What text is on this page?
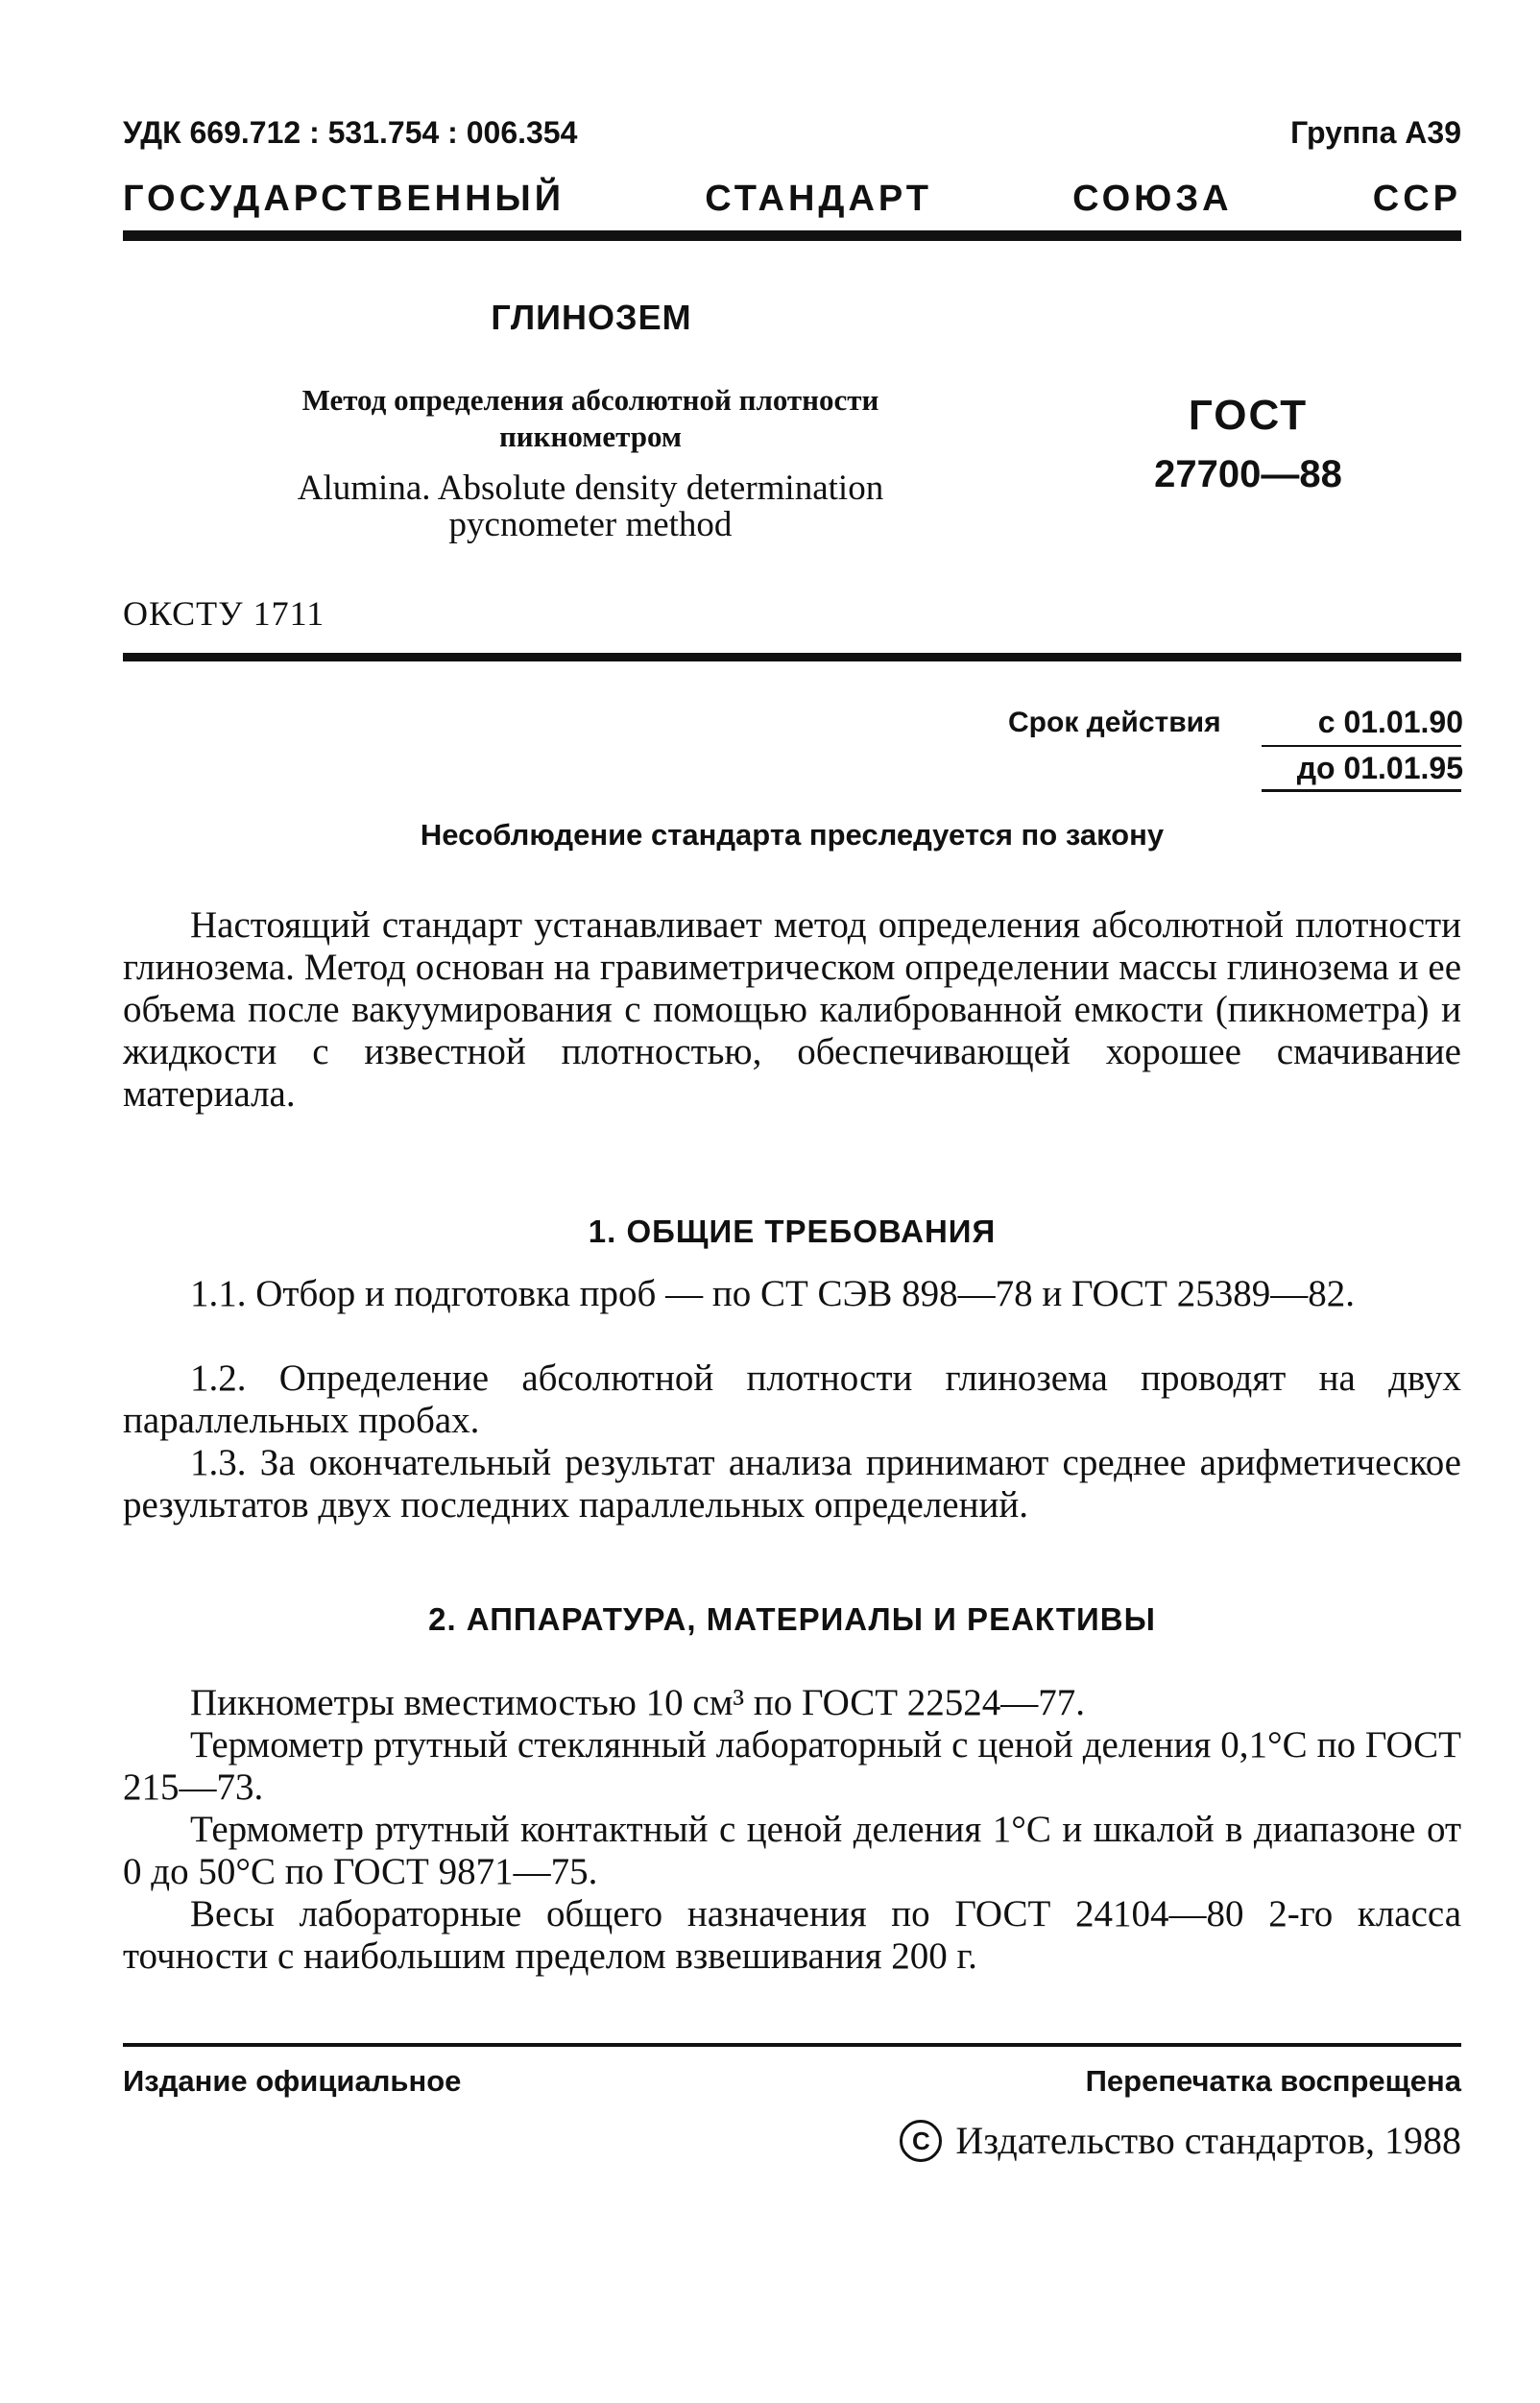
УДК 669.712 : 531.754 : 006.354	Группа А39
ГОСУДАРСТВЕННЫЙ СТАНДАРТ СОЮЗА ССР
ГЛИНОЗЕМ
Метод определения абсолютной плотности
пикнометром
Alumina. Absolute density determination
pycnometer method
ГОСТ
27700—88
ОКСТУ 1711
Срок действия	с 01.01.90
до 01.01.95
Несоблюдение стандарта преследуется по закону
Настоящий стандарт устанавливает метод определения абсолютной плотности глинозема. Метод основан на гравиметрическом определении массы глинозема и ее объема после вакуумирования с помощью калиброванной емкости (пикнометра) и жидкости с известной плотностью, обеспечивающей хорошее смачивание материала.
1. ОБЩИЕ ТРЕБОВАНИЯ
1.1. Отбор и подготовка проб — по СТ СЭВ 898—78 и ГОСТ 25389—82.
1.2. Определение абсолютной плотности глинозема проводят на двух параллельных пробах.
1.3. За окончательный результат анализа принимают среднее арифметическое результатов двух последних параллельных определений.
2. АППАРАТУРА, МАТЕРИАЛЫ И РЕАКТИВЫ
Пикнометры вместимостью 10 см³ по ГОСТ 22524—77.
Термометр ртутный стеклянный лабораторный с ценой деления 0,1°С по ГОСТ 215—73.
Термометр ртутный контактный с ценой деления 1°С и шкалой в диапазоне от 0 до 50°С по ГОСТ 9871—75.
Весы лабораторные общего назначения по ГОСТ 24104—80 2-го класса точности с наибольшим пределом взвешивания 200 г.
Издание официальное	Перепечатка воспрещена
С Издательство стандартов, 1988
